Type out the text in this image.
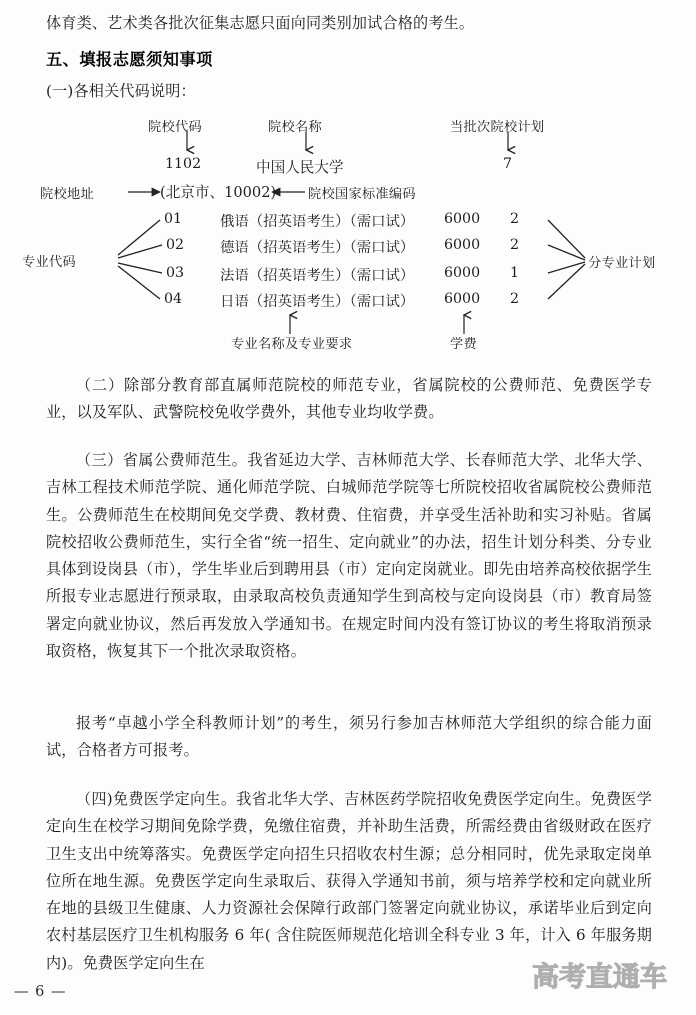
体育类、艺术类各批次征集志愿只面向同类别加试合格的考生。
五、填报志愿须知事项
(一)各相关代码说明：
院校代码	院校名称	当批次院校计划
1102	中国人民大学	7
院校地址	(北京市、10002) 院校国家标准编码
专业代码
01	俄语（招英语考生）（需口试） 6000 2
02 德语（招英语考生）（需口试） 6000 2
03 法语（招英语考生）（需口试） 6000 1
04	日语（招英语考生）（需口试） 6000 2
分专业计划
专业名称及专业要求	学费
（二）除部分教育部直属师范院校的师范专业，省属院校的公费师范、免费医学专业，以及军队、武警院校免收学费外，其他专业均收学费。
（三）省属公费师范生。我省延边大学、吉林师范大学、长春师范大学、北华大学、吉林工程技术师范学院、通化师范学院、白城师范学院等七所院校招收省属院校公费师范生。公费师范生在校期间免交学费、教材费、住宿费，并享受生活补助和实习补贴。省属院校招收公费师范生，实行全省“统一招生、定向就业”的办法，招生计划分科类、分专业具体到设岗县（市），学生毕业后到聘用县（市）定向定岗就业。即先由培养高校依据学生所报专业志愿进行预录取，由录取高校负责通知学生到高校与定向设岗县（市）教育局签署定向就业协议，然后再发放入学通知书。在规定时间内没有签订协议的考生将取消预录取资格，恢复其下一个批次录取资格。
报考“卓越小学全科教师计划”的考生，须另行参加吉林师范大学组织的综合能力面试，合格者方可报考。
（四)免费医学定向生。我省北华大学、吉林医药学院招收免费医学定向生。免费医学定向生在校学习期间免除学费，免缴住宿费，并补助生活费，所需经费由省级财政在医疗卫生支出中统筹落实。免费医学定向招生只招收农村生源；总分相同时，优先录取定岗单位所在地生源。免费医学定向生录取后、获得入学通知书前，须与培养学校和定向就业所在地的县级卫生健康、人力资源社会保障行政部门签署定向就业协议，承诺毕业后到定向农村基层医疗卫生机构服务 6 年( 含住院医师规范化培训全科专业 3 年，计入 6 年服务期内)。免费医学定向生在	高考直通车
— 6 —
